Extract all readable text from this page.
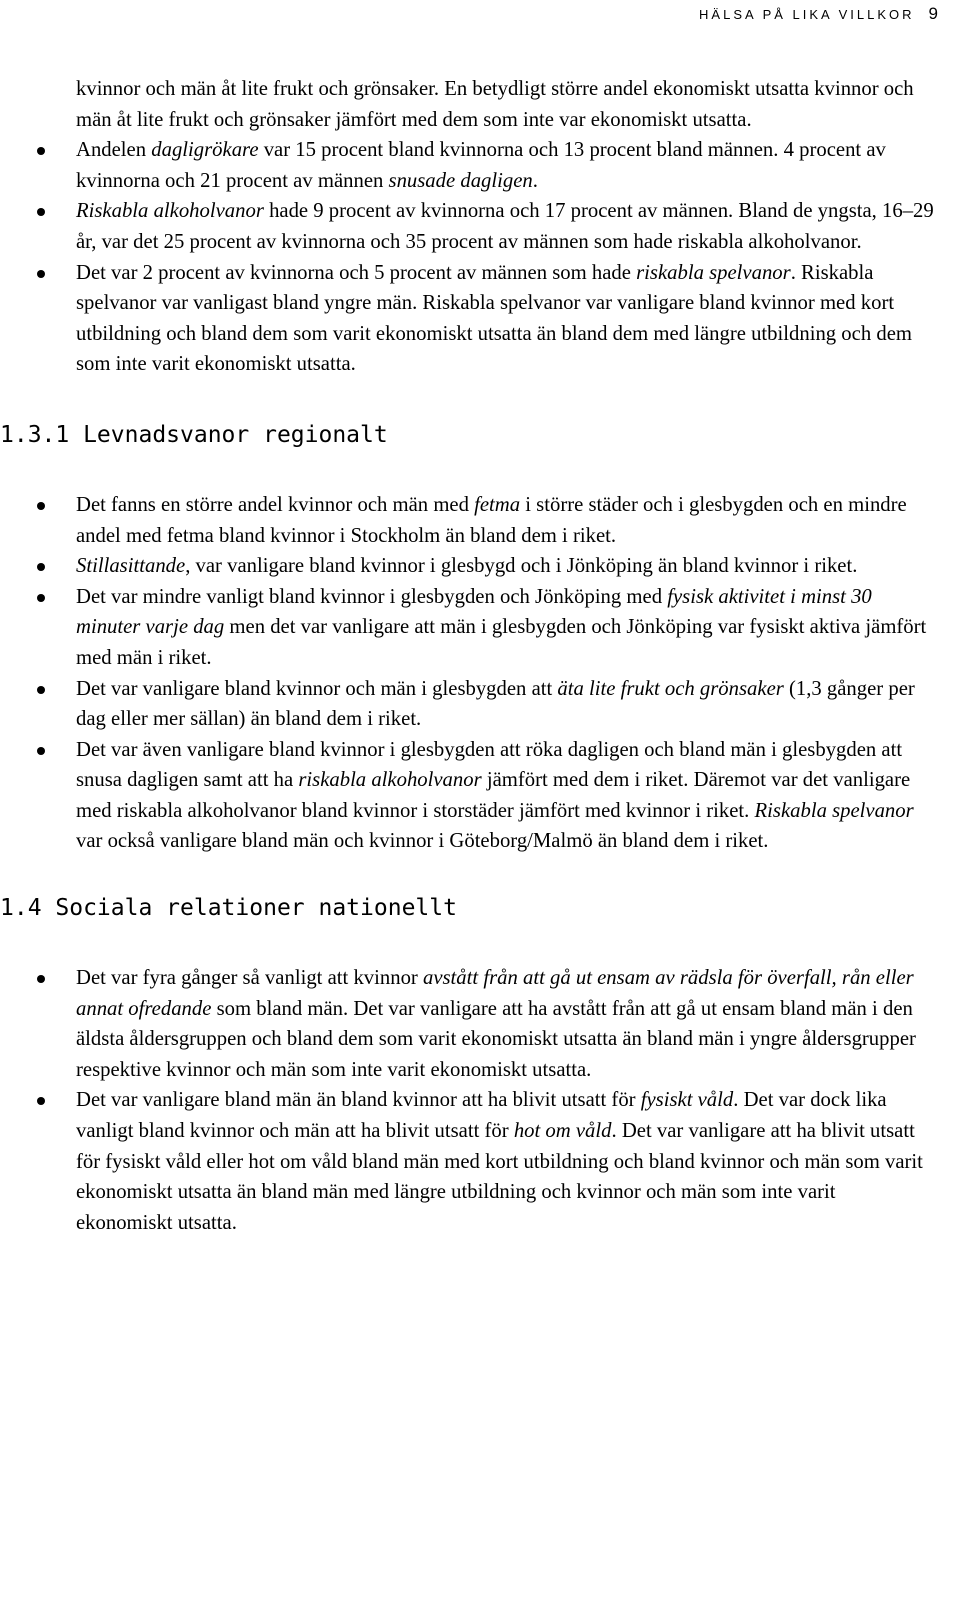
HÄLSA PÅ LIKA VILLKOR 9
kvinnor och män åt lite frukt och grönsaker. En betydligt större andel ekonomiskt utsatta kvinnor och män åt lite frukt och grönsaker jämfört med dem som inte var ekonomiskt utsatta.
Andelen dagligrökare var 15 procent bland kvinnorna och 13 procent bland männen. 4 procent av kvinnorna och 21 procent av männen snusade dagligen.
Riskabla alkoholvanor hade 9 procent av kvinnorna och 17 procent av männen. Bland de yngsta, 16–29 år, var det 25 procent av kvinnorna och 35 procent av männen som hade riskabla alkoholvanor.
Det var 2 procent av kvinnorna och 5 procent av männen som hade riskabla spelvanor. Riskabla spelvanor var vanligast bland yngre män. Riskabla spelvanor var vanligare bland kvinnor med kort utbildning och bland dem som varit ekonomiskt utsatta än bland dem med längre utbildning och dem som inte varit ekonomiskt utsatta.
1.3.1 Levnadsvanor regionalt
Det fanns en större andel kvinnor och män med fetma i större städer och i glesbygden och en mindre andel med fetma bland kvinnor i Stockholm än bland dem i riket.
Stillasittande, var vanligare bland kvinnor i glesbygd och i Jönköping än bland kvinnor i riket.
Det var mindre vanligt bland kvinnor i glesbygden och Jönköping med fysisk aktivitet i minst 30 minuter varje dag men det var vanligare att män i glesbygden och Jönköping var fysiskt aktiva jämfört med män i riket.
Det var vanligare bland kvinnor och män i glesbygden att äta lite frukt och grönsaker (1,3 gånger per dag eller mer sällan) än bland dem i riket.
Det var även vanligare bland kvinnor i glesbygden att röka dagligen och bland män i glesbygden att snusa dagligen samt att ha riskabla alkoholvanor jämfört med dem i riket. Däremot var det vanligare med riskabla alkoholvanor bland kvinnor i storstäder jämfört med kvinnor i riket. Riskabla spelvanor var också vanligare bland män och kvinnor i Göteborg/Malmö än bland dem i riket.
1.4 Sociala relationer nationellt
Det var fyra gånger så vanligt att kvinnor avstått från att gå ut ensam av rädsla för överfall, rån eller annat ofredande som bland män. Det var vanligare att ha avstått från att gå ut ensam bland män i den äldsta åldersgruppen och bland dem som varit ekonomiskt utsatta än bland män i yngre åldersgrupper respektive kvinnor och män som inte varit ekonomiskt utsatta.
Det var vanligare bland män än bland kvinnor att ha blivit utsatt för fysiskt våld. Det var dock lika vanligt bland kvinnor och män att ha blivit utsatt för hot om våld. Det var vanligare att ha blivit utsatt för fysiskt våld eller hot om våld bland män med kort utbildning och bland kvinnor och män som varit ekonomiskt utsatta än bland män med längre utbildning och kvinnor och män som inte varit ekonomiskt utsatta.
